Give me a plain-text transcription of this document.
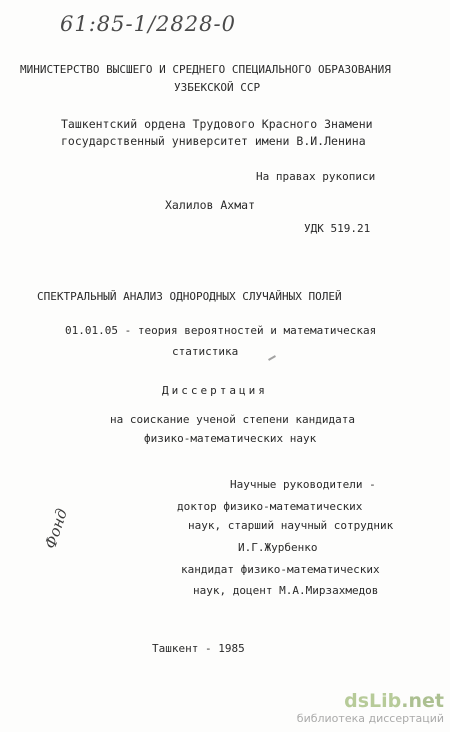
61:85-1/2828-0
МИНИСТЕРСТВО ВЫСШЕГО И СРЕДНЕГО СПЕЦИАЛЬНОГО ОБРАЗОВАНИЯ
УЗБЕКСКОЙ ССР
Ташкентский ордена Трудового Красного Знамени
государственный университет имени В.И.Ленина
На правах рукописи
Халилов Ахмат
УДК 519.21
СПЕКТРАЛЬНЫЙ АНАЛИЗ ОДНОРОДНЫХ СЛУЧАЙНЫХ ПОЛЕЙ
01.01.05 - теория вероятностей и математическая
статистика
Диссертация
на соискание ученой степени кандидата
физико-математических наук
Научные руководители -
доктор физико-математических
наук, старший научный сотрудник
И.Г.Журбенко
кандидат физико-математических
наук, доцент М.А.Мирзахмедов
Фонд
Ташкент - 1985
dsLib.net
библиотека диссертаций
